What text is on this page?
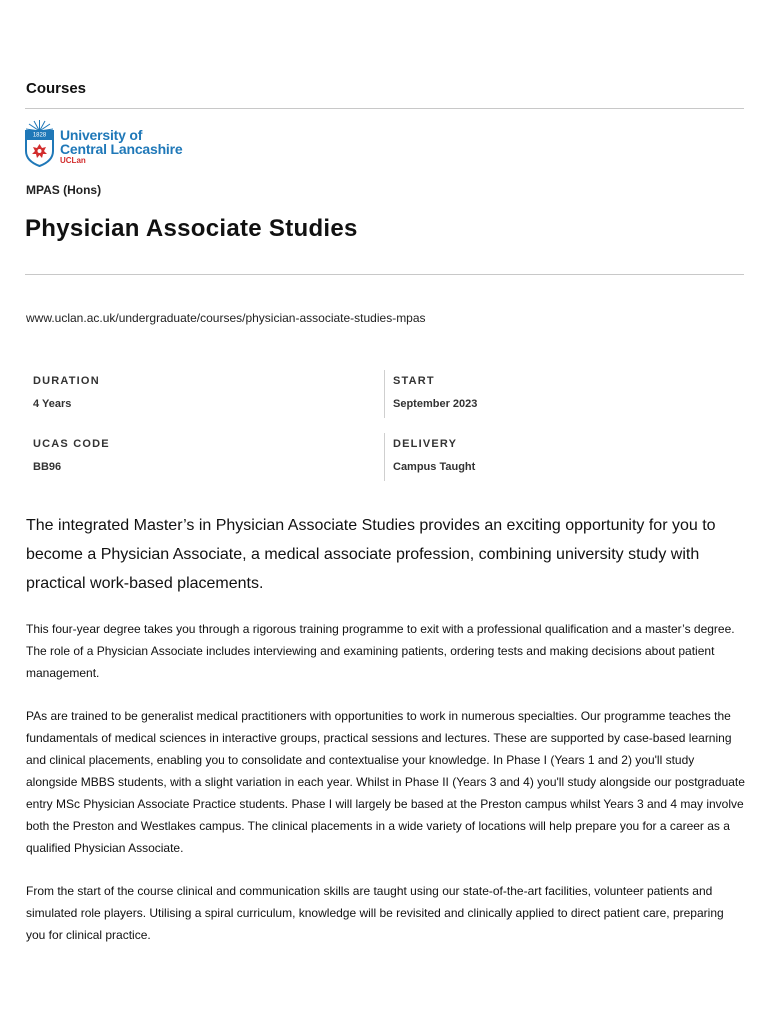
Courses
1828 University of
Central Lancashire
UCLan
MPAS (Hons)
Physician Associate Studies
www.uclan.ac.uk/undergraduate/courses/physician-associate-studies-mpas
DURATION
4 Years
START
September 2023
UCAS CODE
BB96
DELIVERY
Campus Taught

The integrated Master’s in Physician Associate Studies provides an exciting opportunity for you to become a Physician Associate, a medical associate profession, combining university study with practical work-based placements.

This four-year degree takes you through a rigorous training programme to exit with a professional qualification and a master’s degree. The role of a Physician Associate includes interviewing and examining patients, ordering tests and making decisions about patient management.

PAs are trained to be generalist medical practitioners with opportunities to work in numerous specialties. Our programme teaches the fundamentals of medical sciences in interactive groups, practical sessions and lectures. These are supported by case-based learning and clinical placements, enabling you to consolidate and contextualise your knowledge. In Phase I (Years 1 and 2) you'll study alongside MBBS students, with a slight variation in each year. Whilst in Phase II (Years 3 and 4) you'll study alongside our postgraduate entry MSc Physician Associate Practice students. Phase I will largely be based at the Preston campus whilst Years 3 and 4 may involve both the Preston and Westlakes campus. The clinical placements in a wide variety of locations will help prepare you for a career as a qualified Physician Associate.

From the start of the course clinical and communication skills are taught using our state-of-the-art facilities, volunteer patients and simulated role players. Utilising a spiral curriculum, knowledge will be revisited and clinically applied to direct patient care, preparing you for clinical practice.
